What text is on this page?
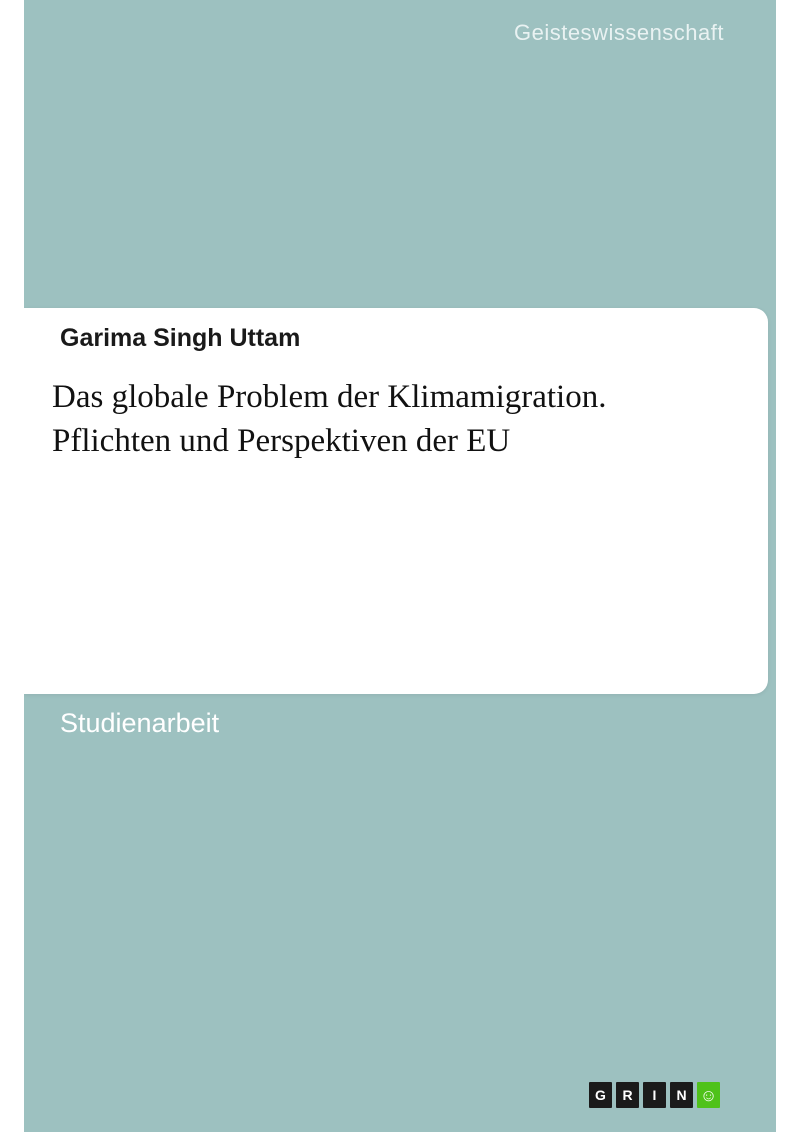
Geisteswissenschaft
Garima Singh Uttam
Das globale Problem der Klimamigration.
Pflichten und Perspektiven der EU
Studienarbeit
G	R	I	N ☺
